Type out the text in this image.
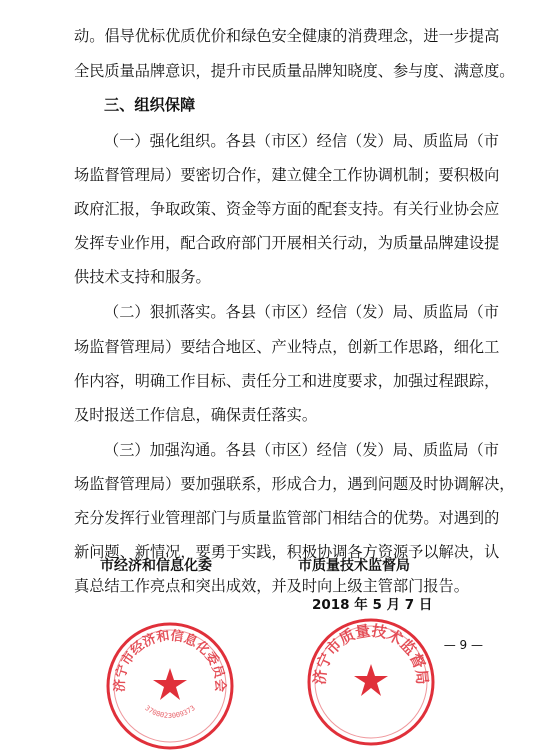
动。倡导优标优质优价和绿色安全健康的消费理念，进一步提高
全民质量品牌意识，提升市民质量品牌知晓度、参与度、满意度。
三、组织保障
（一）强化组织。各县（市区）经信（发）局、质监局（市
场监督管理局）要密切合作，建立健全工作协调机制；要积极向
政府汇报，争取政策、资金等方面的配套支持。有关行业协会应
发挥专业作用，配合政府部门开展相关行动，为质量品牌建设提
供技术支持和服务。
（二）狠抓落实。各县（市区）经信（发）局、质监局（市
场监督管理局）要结合地区、产业特点，创新工作思路，细化工
作内容，明确工作目标、责任分工和进度要求，加强过程跟踪，
及时报送工作信息，确保责任落实。
（三）加强沟通。各县（市区）经信（发）局、质监局（市
场监督管理局）要加强联系，形成合力，遇到问题及时协调解决，
充分发挥行业管理部门与质量监管部门相结合的优势。对遇到的
新问题、新情况，要勇于实践，积极协调各方资源予以解决，认
真总结工作亮点和突出成效，并及时向上级主管部门报告。
济宁市经济和信息化委员会
3708023009373
济宁市质量技术监督局
市经济和信息化委	市质量技术监督局
2018 年 5 月 7 日
— 9 —
